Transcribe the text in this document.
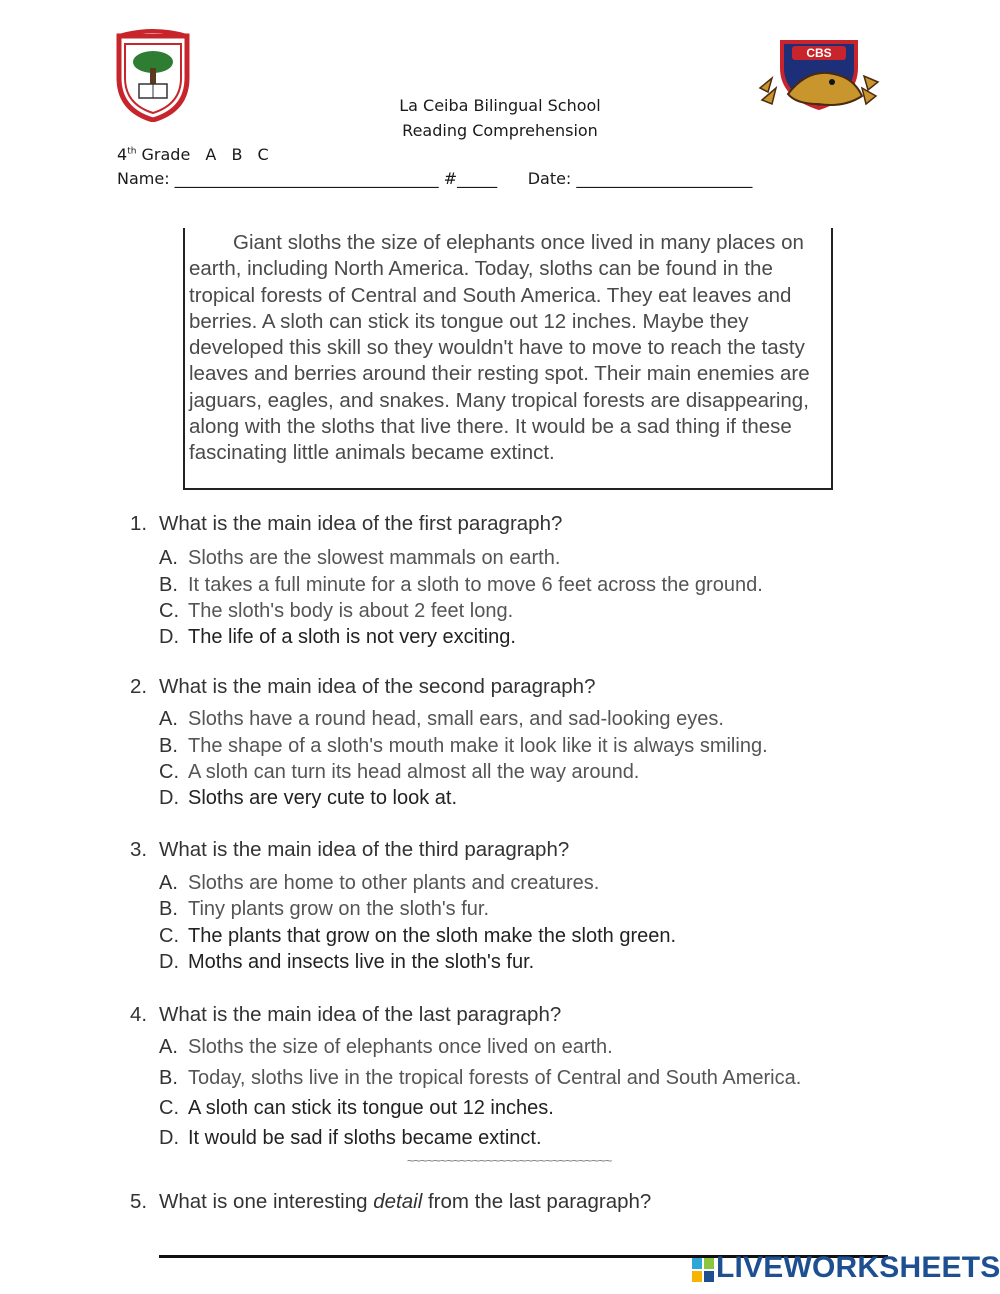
CBS
La Ceiba Bilingual School
Reading Comprehension
4th Grade A B C
Name: _________________________________ #_____      Date: ______________________

Giant sloths the size of elephants once lived in many places on earth, including North America. Today, sloths can be found in the tropical forests of Central and South America. They eat leaves and berries. A sloth can stick its tongue out 12 inches. Maybe they developed this skill so they wouldn't have to move to reach the tasty leaves and berries around their resting spot. Their main enemies are jaguars, eagles, and snakes. Many tropical forests are disappearing, along with the sloths that live there. It would be a sad thing if these fascinating little animals became extinct.

1. What is the main idea of the first paragraph?
A. Sloths are the slowest mammals on earth.
B. It takes a full minute for a sloth to move 6 feet across the ground.
C. The sloth's body is about 2 feet long.
D. The life of a sloth is not very exciting.
2. What is the main idea of the second paragraph?
A. Sloths have a round head, small ears, and sad-looking eyes.
B. The shape of a sloth's mouth make it look like it is always smiling.
C. A sloth can turn its head almost all the way around.
D. Sloths are very cute to look at.
3. What is the main idea of the third paragraph?
A. Sloths are home to other plants and creatures.
B. Tiny plants grow on the sloth's fur.
C. The plants that grow on the sloth make the sloth green.
D. Moths and insects live in the sloth's fur.
4. What is the main idea of the last paragraph?
A. Sloths the size of elephants once lived on earth.
B. Today, sloths live in the tropical forests of Central and South America.
C. A sloth can stick its tongue out 12 inches.
D. It would be sad if sloths became extinct.
~~~~~~~~~~~~~~~~~~~~~~~~~~~~~~~
5. What is one interesting detail from the last paragraph?
LIVEWORKSHEETS
